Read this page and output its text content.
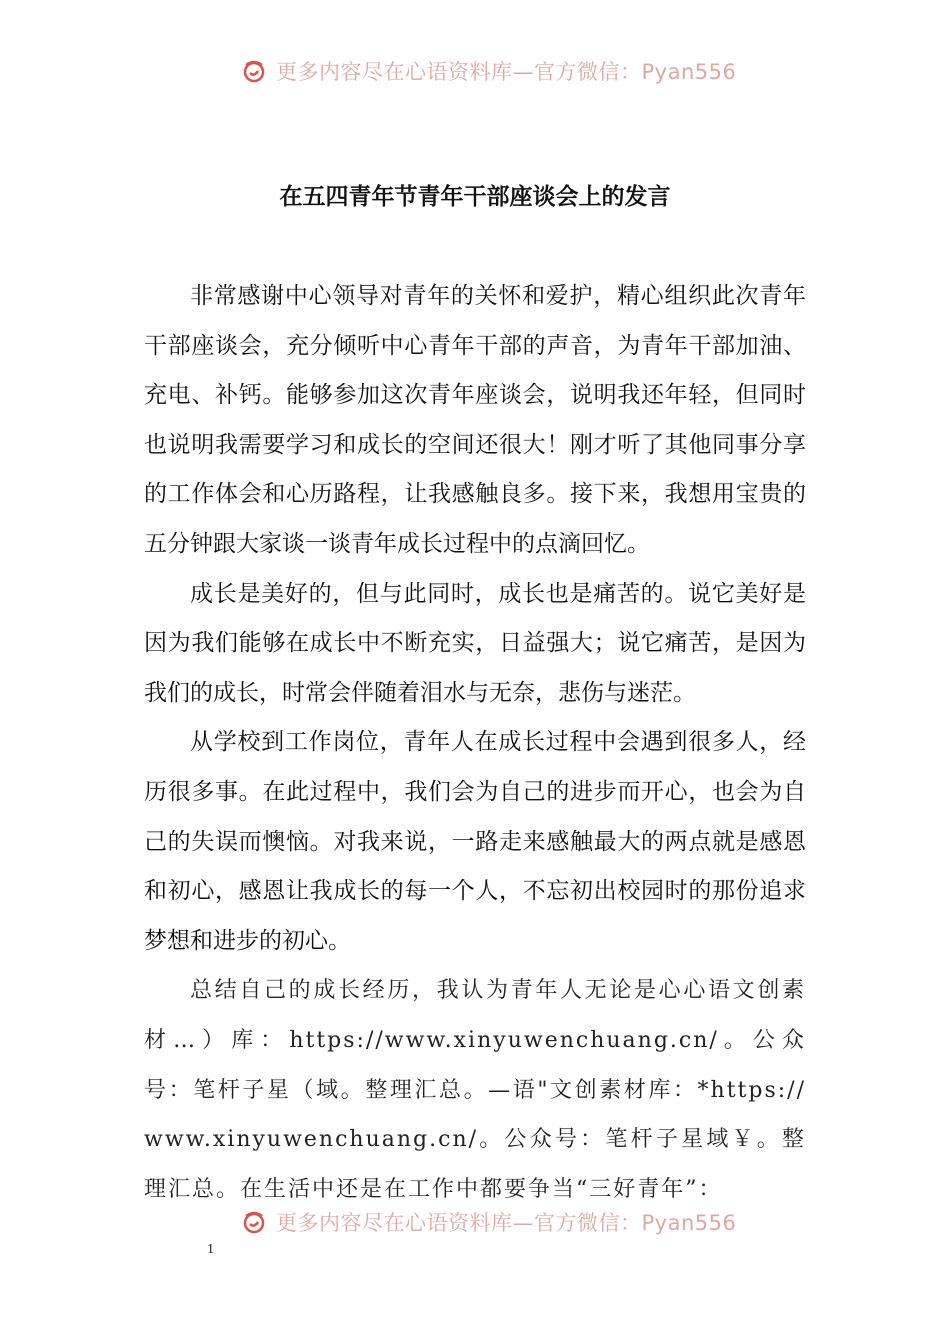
更多内容尽在心语资料库—官方微信：Pyan556
在五四青年节青年干部座谈会上的发言

非常感谢中心领导对青年的关怀和爱护，精心组织此次青年干部座谈会，充分倾听中心青年干部的声音，为青年干部加油、充电、补钙。能够参加这次青年座谈会，说明我还年轻，但同时也说明我需要学习和成长的空间还很大！刚才听了其他同事分享的工作体会和心历路程，让我感触良多。接下来，我想用宝贵的五分钟跟大家谈一谈青年成长过程中的点滴回忆。

成长是美好的，但与此同时，成长也是痛苦的。说它美好是因为我们能够在成长中不断充实，日益强大；说它痛苦，是因为我们的成长，时常会伴随着泪水与无奈，悲伤与迷茫。

从学校到工作岗位，青年人在成长过程中会遇到很多人，经历很多事。在此过程中，我们会为自己的进步而开心，也会为自己的失误而懊恼。对我来说，一路走来感触最大的两点就是感恩和初心，感恩让我成长的每一个人，不忘初出校园时的那份追求梦想和进步的初心。

总结自己的成长经历，我认为青年人无论是心心语文创素材…）库：https://www.xinyuwenchuang.cn/。公众号：笔杆子星（域。整理汇总。—语"文创素材库：*https://www.xinyuwenchuang.cn/。公众号：笔杆子星域￥。整理汇总。在生活中还是在工作中都要争当“三好青年”：

更多内容尽在心语资料库—官方微信：Pyan556
1
